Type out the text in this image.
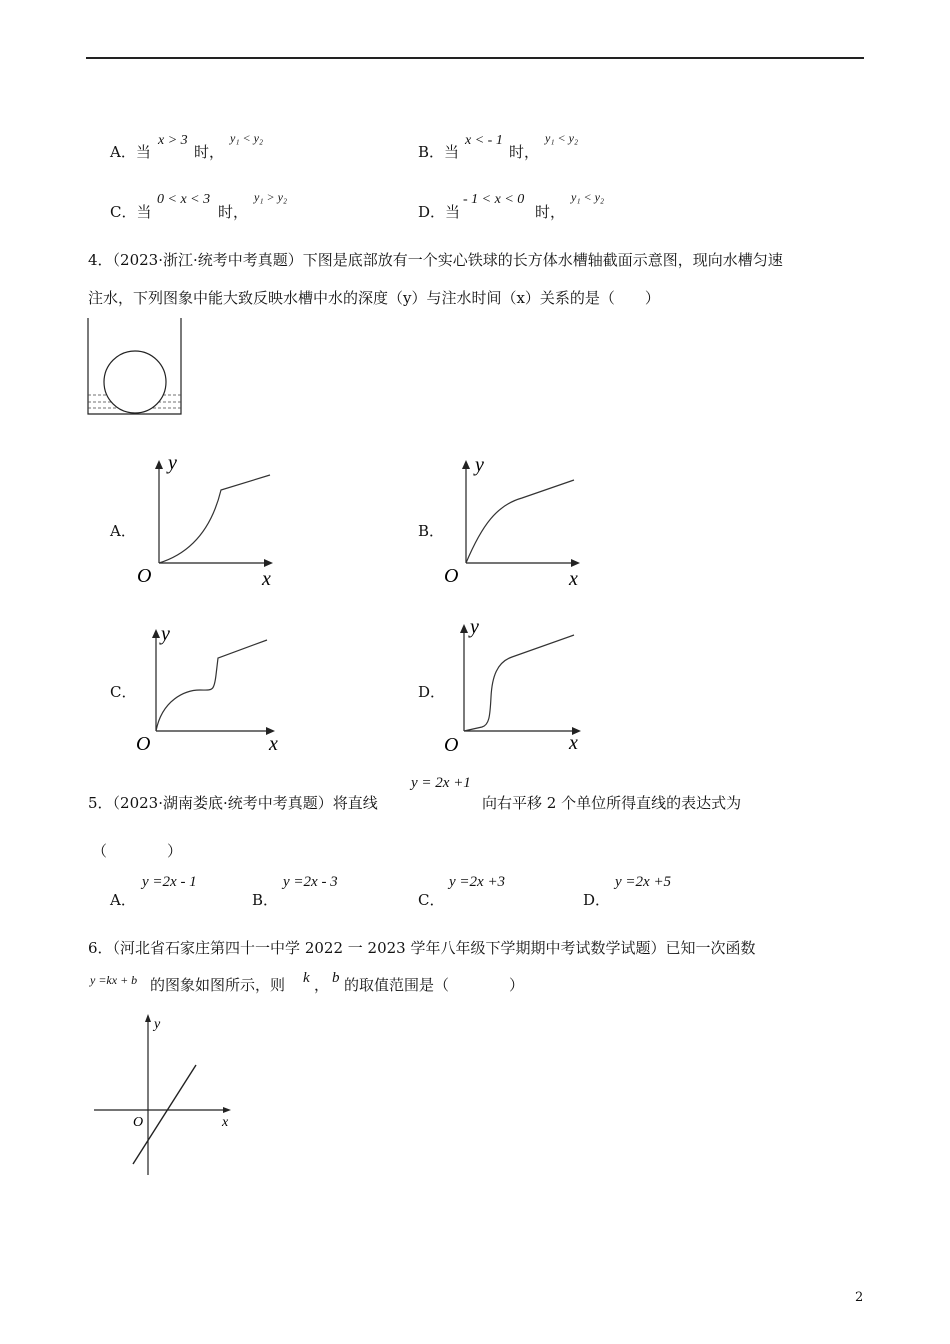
A．当
x > 3
时，
y₁ < y₂
B．当
x < - 1
时，
y₁ < y₂
C．当
0 < x < 3
时，
y₁ > y₂
D．当
- 1 < x < 0
时，
y₁ < y₂
4．（2023·浙江·统考中考真题）下图是底部放有一个实心铁球的长方体水槽轴截面示意图，现向水槽匀速
注水，下列图象中能大致反映水槽中水的深度（y）与注水时间（x）关系的是（　　）
A．
y
x
O
B．
y
x
O
C．
y
x
O
D．
y
x
O
5．（2023·湖南娄底·统考中考真题）将直线
y = 2x +1
向右平移 2 个单位所得直线的表达式为
（　　　　）
A．
y =2x - 1
B．
y =2x - 3
C．
y =2x +3
D．
y =2x +5
6．（河北省石家庄第四十一中学 2022 一 2023 学年八年级下学期期中考试数学试题）已知一次函数
y =kx + b 的图象如图所示，则 k ， b 的取值范围是（　　　　）
y
x
O
2
